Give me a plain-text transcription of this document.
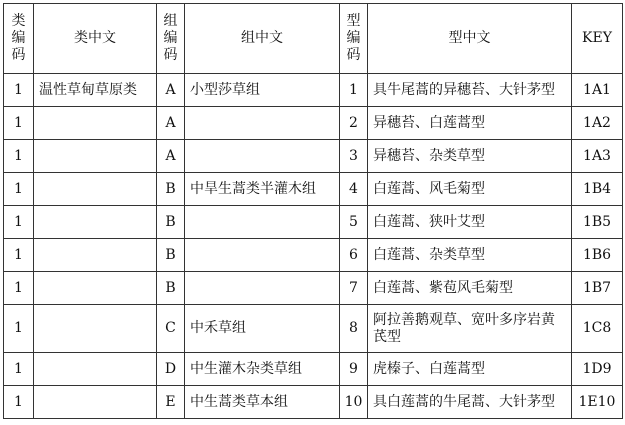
类编码	类中文	组编码	组中文	型编码	型中文	KEY
1	温性草甸草原类	A	小型莎草组	1	具牛尾蒿的异穗苔、大针茅型	1A1
1		A		2	异穗苔、白莲蒿型	1A2
1		A		3	异穗苔、杂类草型	1A3
1		B	中旱生蒿类半灌木组	4	白莲蒿、风毛菊型	1B4
1		B		5	白莲蒿、狭叶艾型	1B5
1		B		6	白莲蒿、杂类草型	1B6
1		B		7	白莲蒿、紫苞风毛菊型	1B7
1		C	中禾草组	8	阿拉善鹅观草、宽叶多序岩黄芪型	1C8
1		D	中生灌木杂类草组	9	虎榛子、白莲蒿型	1D9
1		E	中生蒿类草本组	10	具白莲蒿的牛尾蒿、大针茅型	1E10
